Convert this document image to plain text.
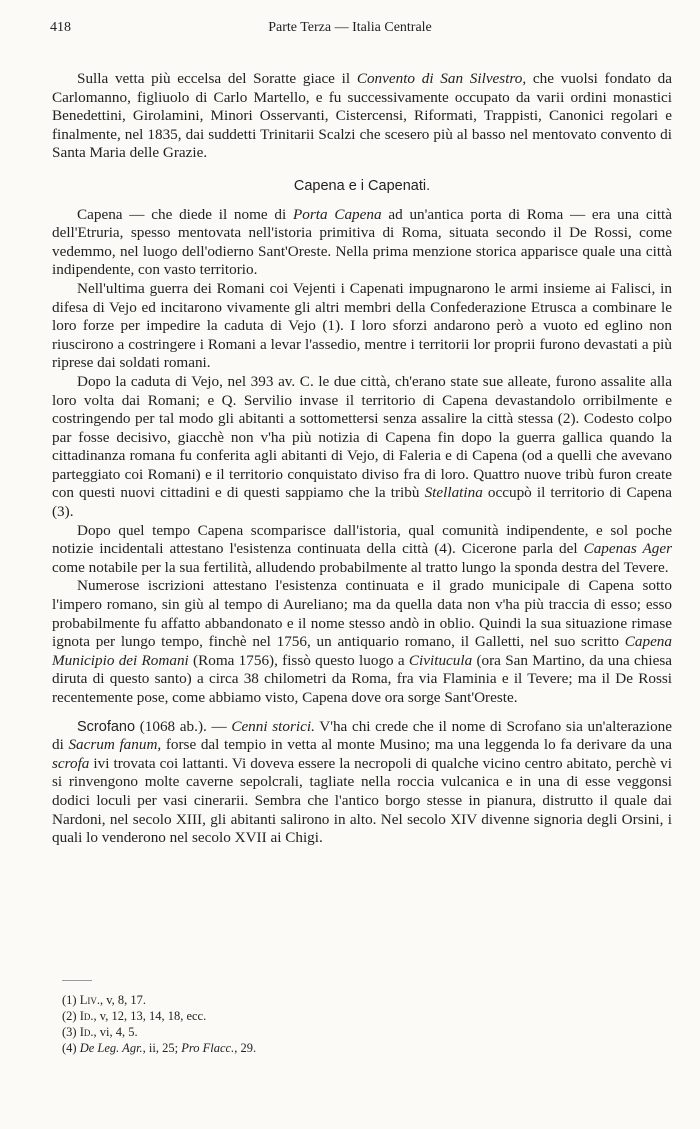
418	Parte Terza — Italia Centrale

Sulla vetta più eccelsa del Soratte giace il Convento di San Silvestro, che vuolsi fondato da Carlomanno, figliuolo di Carlo Martello, e fu successivamente occupato da varii ordini monastici Benedettini, Girolamini, Minori Osservanti, Cistercensi, Riformati, Trappisti, Canonici regolari e finalmente, nel 1835, dai suddetti Trinitarii Scalzi che scesero più al basso nel mentovato convento di Santa Maria delle Grazie.

Capena e i Capenati.

Capena — che diede il nome di Porta Capena ad un'antica porta di Roma — era una città dell'Etruria, spesso mentovata nell'istoria primitiva di Roma, situata secondo il De Rossi, come vedemmo, nel luogo dell'odierno Sant'Oreste. Nella prima menzione storica apparisce quale una città indipendente, con vasto territorio.

Nell'ultima guerra dei Romani coi Vejenti i Capenati impugnarono le armi insieme ai Falisci, in difesa di Vejo ed incitarono vivamente gli altri membri della Confederazione Etrusca a combinare le loro forze per impedire la caduta di Vejo (1). I loro sforzi andarono però a vuoto ed eglino non riuscirono a costringere i Romani a levar l'assedio, mentre i territorii lor proprii furono devastati a più riprese dai soldati romani.

Dopo la caduta di Vejo, nel 393 av. C. le due città, ch'erano state sue alleate, furono assalite alla loro volta dai Romani; e Q. Servilio invase il territorio di Capena devastandolo orribilmente e costringendo per tal modo gli abitanti a sottomettersi senza assalire la città stessa (2). Codesto colpo par fosse decisivo, giacchè non v'ha più notizia di Capena fin dopo la guerra gallica quando la cittadinanza romana fu conferita agli abitanti di Vejo, di Faleria e di Capena (od a quelli che avevano parteggiato coi Romani) e il territorio conquistato diviso fra di loro. Quattro nuove tribù furon create con questi nuovi cittadini e di questi sappiamo che la tribù Stellatina occupò il territorio di Capena (3).

Dopo quel tempo Capena scomparisce dall'istoria, qual comunità indipendente, e sol poche notizie incidentali attestano l'esistenza continuata della città (4). Cicerone parla del Capenas Ager come notabile per la sua fertilità, alludendo probabilmente al tratto lungo la sponda destra del Tevere.

Numerose iscrizioni attestano l'esistenza continuata e il grado municipale di Capena sotto l'impero romano, sin giù al tempo di Aureliano; ma da quella data non v'ha più traccia di esso; esso probabilmente fu affatto abbandonato e il nome stesso andò in oblio. Quindi la sua situazione rimase ignota per lungo tempo, finchè nel 1756, un antiquario romano, il Galletti, nel suo scritto Capena Municipio dei Romani (Roma 1756), fissò questo luogo a Civitucula (ora San Martino, da una chiesa diruta di questo santo) a circa 38 chilometri da Roma, fra via Flaminia e il Tevere; ma il De Rossi recentemente pose, come abbiamo visto, Capena dove ora sorge Sant'Oreste.

Scrofano (1068 ab.). — Cenni storici. V'ha chi crede che il nome di Scrofano sia un'alterazione di Sacrum fanum, forse dal tempio in vetta al monte Musino; ma una leggenda lo fa derivare da una scrofa ivi trovata coi lattanti. Vi doveva essere la necropoli di qualche vicino centro abitato, perchè vi si rinvengono molte caverne sepolcrali, tagliate nella roccia vulcanica e in una di esse veggonsi dodici loculi per vasi cinerarii. Sembra che l'antico borgo stesse in pianura, distrutto il quale dai Nardoni, nel secolo XIII, gli abitanti salirono in alto. Nel secolo XIV divenne signoria degli Orsini, i quali lo venderono nel secolo XVII ai Chigi.

(1) Liv., v, 8, 17.
(2) Id., v, 12, 13, 14, 18, ecc.
(3) Id., vi, 4, 5.
(4) De Leg. Agr., ii, 25; Pro Flacc., 29.
